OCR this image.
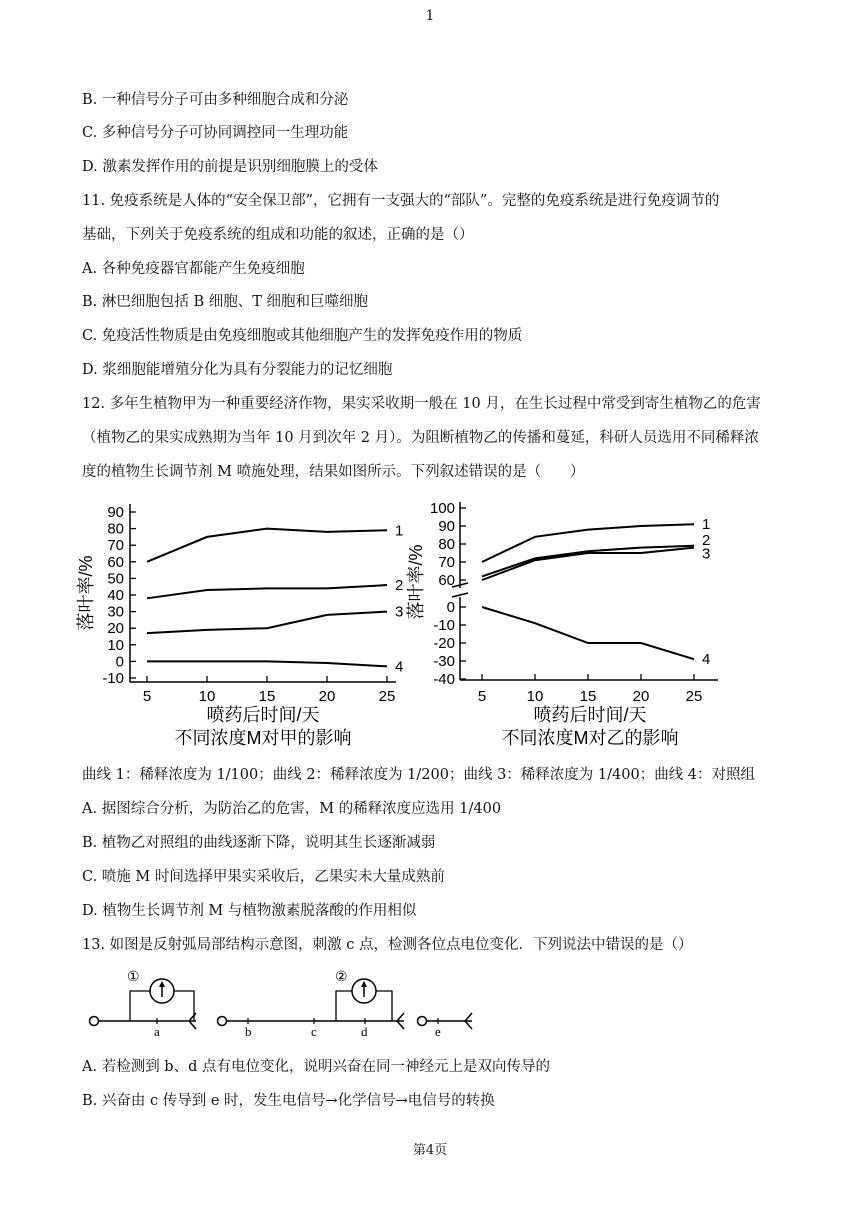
1
B. 一种信号分子可由多种细胞合成和分泌
C. 多种信号分子可协同调控同一生理功能
D. 激素发挥作用的前提是识别细胞膜上的受体
11. 免疫系统是人体的“安全保卫部”，它拥有一支强大的“部队”。完整的免疫系统是进行免疫调节的
基础，下列关于免疫系统的组成和功能的叙述，正确的是（）
A. 各种免疫器官都能产生免疫细胞
B. 淋巴细胞包括 B 细胞、T 细胞和巨噬细胞
C. 免疫活性物质是由免疫细胞或其他细胞产生的发挥免疫作用的物质
D. 浆细胞能增殖分化为具有分裂能力的记忆细胞
12. 多年生植物甲为一种重要经济作物，果实采收期一般在 10 月，在生长过程中常受到寄生植物乙的危害
（植物乙的果实成熟期为当年 10 月到次年 2 月）。为阻断植物乙的传播和蔓延，科研人员选用不同稀释浓
度的植物生长调节剂 M 喷施处理，结果如图所示。下列叙述错误的是（　　）
90
80
70
60
50
40
30
20
10
0
-10
5	10	15	20	25
1
2
3
4
落叶率/%
喷药后时间/天
不同浓度M对甲的影响
100
90
80
70
60
0
-10
-20
-30
-40
5	10 15 20 25
1
2
3
4
落叶率/%
喷药后时间/天
不同浓度M对乙的影响
曲线 1：稀释浓度为 1/100；曲线 2：稀释浓度为 1/200；曲线 3：稀释浓度为 1/400；曲线 4：对照组
A. 据图综合分析，为防治乙的危害，M 的稀释浓度应选用 1/400
B. 植物乙对照组的曲线逐渐下降，说明其生长逐渐减弱
C. 喷施 M 时间选择甲果实采收后，乙果实未大量成熟前
D. 植物生长调节剂 M 与植物激素脱落酸的作用相似
13. 如图是反射弧局部结构示意图，刺激 c 点，检测各位点电位变化．下列说法中错误的是（）
①
a
②
b	c	d	e
A. 若检测到 b、d 点有电位变化，说明兴奋在同一神经元上是双向传导的
B. 兴奋由 c 传导到 e 时，发生电信号→化学信号→电信号的转换
第4页
